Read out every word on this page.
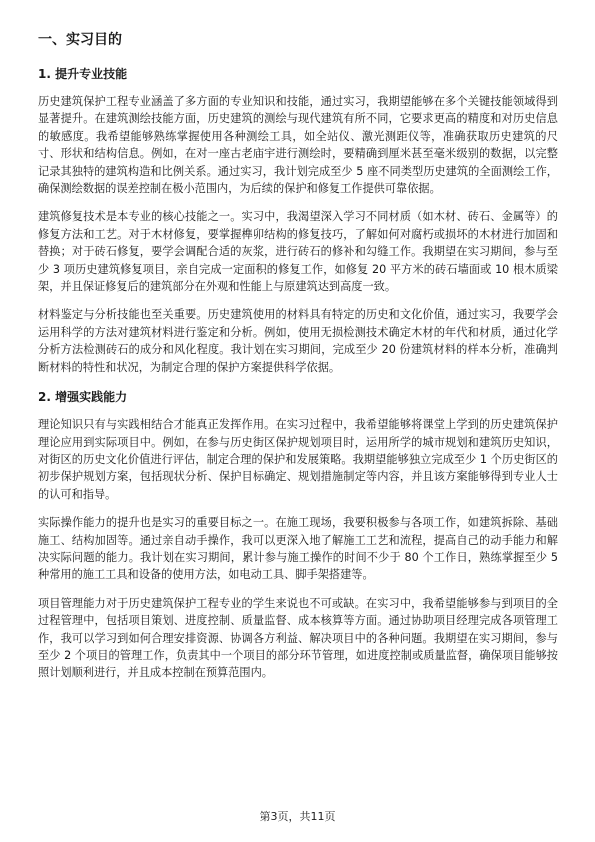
一、实习目的
1. 提升专业技能

历史建筑保护工程专业涵盖了多方面的专业知识和技能，通过实习，我期望能够在多个关键技能领域得到显著提升。在建筑测绘技能方面，历史建筑的测绘与现代建筑有所不同，它要求更高的精度和对历史信息的敏感度。我希望能够熟练掌握使用各种测绘工具，如全站仪、激光测距仪等，准确获取历史建筑的尺寸、形状和结构信息。例如，在对一座古老庙宇进行测绘时，要精确到厘米甚至毫米级别的数据，以完整记录其独特的建筑构造和比例关系。通过实习，我计划完成至少 5 座不同类型历史建筑的全面测绘工作，确保测绘数据的误差控制在极小范围内，为后续的保护和修复工作提供可靠依据。

建筑修复技术是本专业的核心技能之一。实习中，我渴望深入学习不同材质（如木材、砖石、金属等）的修复方法和工艺。对于木材修复，要掌握榫卯结构的修复技巧，了解如何对腐朽或损坏的木材进行加固和替换；对于砖石修复，要学会调配合适的灰浆，进行砖石的修补和勾缝工作。我期望在实习期间，参与至少 3 项历史建筑修复项目，亲自完成一定面积的修复工作，如修复 20 平方米的砖石墙面或 10 根木质梁架，并且保证修复后的建筑部分在外观和性能上与原建筑达到高度一致。

材料鉴定与分析技能也至关重要。历史建筑使用的材料具有特定的历史和文化价值，通过实习，我要学会运用科学的方法对建筑材料进行鉴定和分析。例如，使用无损检测技术确定木材的年代和材质，通过化学分析方法检测砖石的成分和风化程度。我计划在实习期间，完成至少 20 份建筑材料的样本分析，准确判断材料的特性和状况，为制定合理的保护方案提供科学依据。

2. 增强实践能力

理论知识只有与实践相结合才能真正发挥作用。在实习过程中，我希望能够将课堂上学到的历史建筑保护理论应用到实际项目中。例如，在参与历史街区保护规划项目时，运用所学的城市规划和建筑历史知识，对街区的历史文化价值进行评估，制定合理的保护和发展策略。我期望能够独立完成至少 1 个历史街区的初步保护规划方案，包括现状分析、保护目标确定、规划措施制定等内容，并且该方案能够得到专业人士的认可和指导。

实际操作能力的提升也是实习的重要目标之一。在施工现场，我要积极参与各项工作，如建筑拆除、基础施工、结构加固等。通过亲自动手操作，我可以更深入地了解施工工艺和流程，提高自己的动手能力和解决实际问题的能力。我计划在实习期间，累计参与施工操作的时间不少于 80 个工作日，熟练掌握至少 5 种常用的施工工具和设备的使用方法，如电动工具、脚手架搭建等。

项目管理能力对于历史建筑保护工程专业的学生来说也不可或缺。在实习中，我希望能够参与到项目的全过程管理中，包括项目策划、进度控制、质量监督、成本核算等方面。通过协助项目经理完成各项管理工作，我可以学习到如何合理安排资源、协调各方利益、解决项目中的各种问题。我期望在实习期间，参与至少 2 个项目的管理工作，负责其中一个项目的部分环节管理，如进度控制或质量监督，确保项目能够按照计划顺利进行，并且成本控制在预算范围内。

第3页，共11页
